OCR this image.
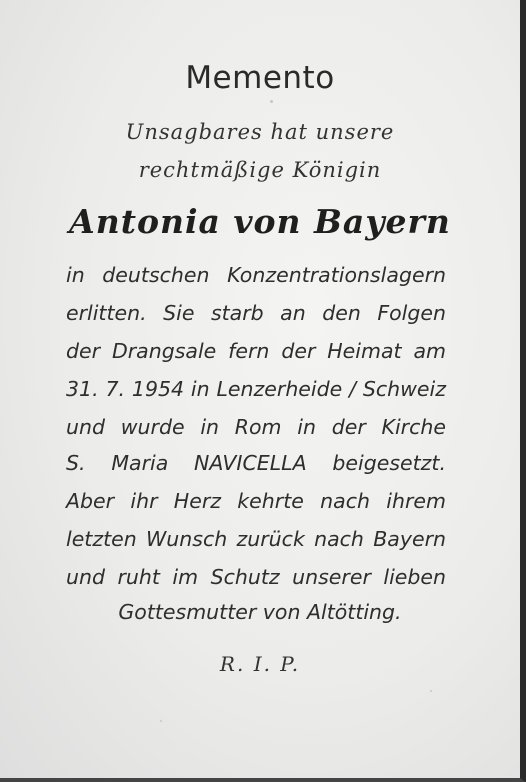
Memento
Unsagbares hat unsere
rechtmäßige Königin
Antonia von Bayern
in deutschen Konzentrationslagern
erlitten. Sie starb an den Folgen
der Drangsale fern der Heimat am
31. 7. 1954 in Lenzerheide / Schweiz
und wurde in Rom in der Kirche
S. Maria NAVICELLA beigesetzt.
Aber ihr Herz kehrte nach ihrem
letzten Wunsch zurück nach Bayern
und ruht im Schutz unserer lieben
Gottesmutter von Altötting.
R. I. P.
